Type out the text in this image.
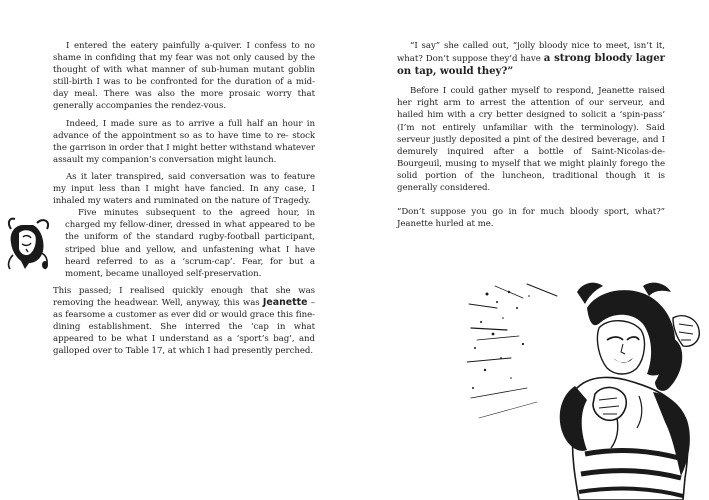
I entered the eatery painfully a-quiver. I confess to no shame in confiding that my fear was not only caused by the thought of with what manner of sub-human mutant goblin still-birth I was to be confronted for the duration of a mid-day meal. There was also the more prosaic worry that generally accompanies the rendez-vous.

Indeed, I made sure as to arrive a full half an hour in advance of the appointment so as to have time to re- stock the garrison in order that I might better withstand whatever assault my companion’s conversation might launch.

As it later transpired, said conversation was to feature my input less than I might have fancied. In any case, I inhaled my waters and ruminated on the nature of Tragedy.

Five minutes subsequent to the agreed hour, in charged my fellow-diner, dressed in what appeared to be the uniform of the standard rugby-football participant, striped blue and yellow, and unfastening what I have heard referred to as a ‘scrum-cap’. Fear, for but a moment, became unalloyed self-preservation.

This passed; I realised quickly enough that she was removing the headwear. Well, anyway, this was Jeanette – as fearsome a customer as ever did or would grace this fine-dining establishment. She interred the ‘cap in what appeared to be what I understand as a ‘sport’s bag’, and galloped over to Table 17, at which I had presently perched.

“I say” she called out, “jolly bloody nice to meet, isn’t it, what? Don’t suppose they’d have a strong bloody lager on tap, would they?”

Before I could gather myself to respond, Jeanette raised her right arm to arrest the attention of our serveur, and hailed him with a cry better designed to solicit a ‘spin-pass’ (I’m not entirely unfamiliar with the terminology). Said serveur justly deposited a pint of the desired beverage, and I demurely inquired after a bottle of Saint-Nicolas-de-Bourgeuil, musing to myself that we might plainly forego the solid portion of the luncheon, traditional though it is generally considered.

“Don’t suppose you go in for much bloody sport, what?” Jeanette hurled at me.
